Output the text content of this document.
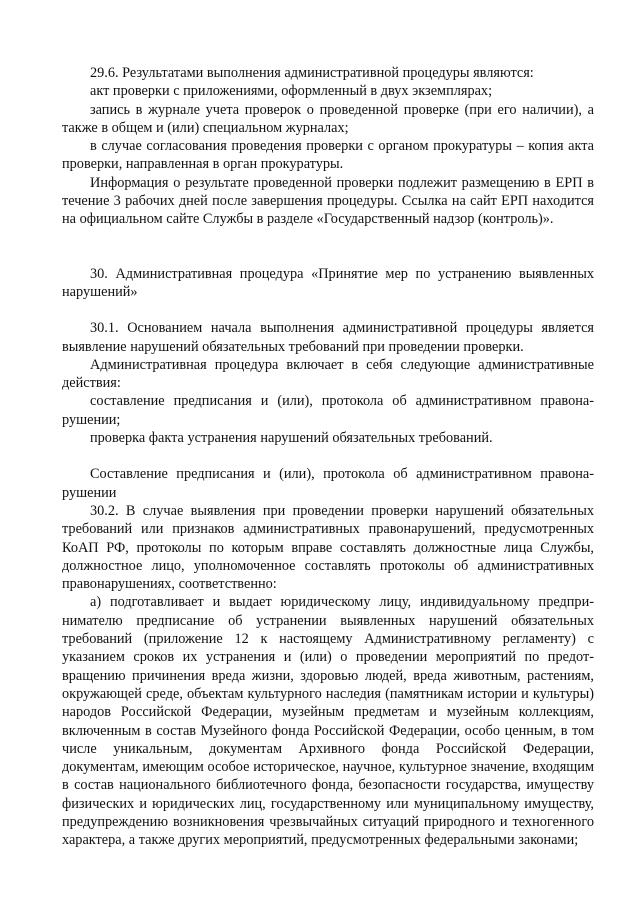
29.6. Результатами выполнения административной процедуры являются:

акт проверки с приложениями, оформленный в двух экземплярах;

запись в журнале учета проверок о проведенной проверке (при его наличии), а также в общем и (или) специальном журналах;

в случае согласования проведения проверки с органом прокуратуры – копия акта проверки, направленная в орган прокуратуры.

Информация о результате проведенной проверки подлежит размещению в ЕРП в течение 3 рабочих дней после завершения процедуры. Ссылка на сайт ЕРП находится на официальном сайте Службы в разделе «Государственный надзор (контроль)».

30. Административная процедура «Принятие мер по устранению выявленных нарушений»

30.1. Основанием начала выполнения административной процедуры является выявление нарушений обязательных требований при проведении проверки.

Административная процедура включает в себя следующие административные действия:

составление предписания и (или), протокола об административном правонарушении;

проверка факта устранения нарушений обязательных требований.

Составление предписания и (или), протокола об административном правонарушении

30.2. В случае выявления при проведении проверки нарушений обязательных требований или признаков административных правонарушений, предусмотренных КоАП РФ, протоколы по которым вправе составлять должностные лица Службы, должностное лицо, уполномоченное составлять протоколы об административных правонарушениях, соответственно:

а) подготавливает и выдает юридическому лицу, индивидуальному предпринимателю предписание об устранении выявленных нарушений обязательных требований (приложение 12 к настоящему Административному регламенту) с указанием сроков их устранения и (или) о проведении мероприятий по предотвращению причинения вреда жизни, здоровью людей, вреда животным, растениям, окружающей среде, объектам культурного наследия (памятникам истории и культуры) народов Российской Федерации, музейным предметам и музейным коллекциям, включенным в состав Музейного фонда Российской Федерации, особо ценным, в том числе уникальным, документам Архивного фонда Российской Федерации, документам, имеющим особое историческое, научное, культурное значение, входящим в состав национального библиотечного фонда, безопасности государства, имуществу физических и юридических лиц, государственному или муниципальному имуществу, предупреждению возникновения чрезвычайных ситуаций природного и техногенного характера, а также других мероприятий, предусмотренных федеральными законами;
